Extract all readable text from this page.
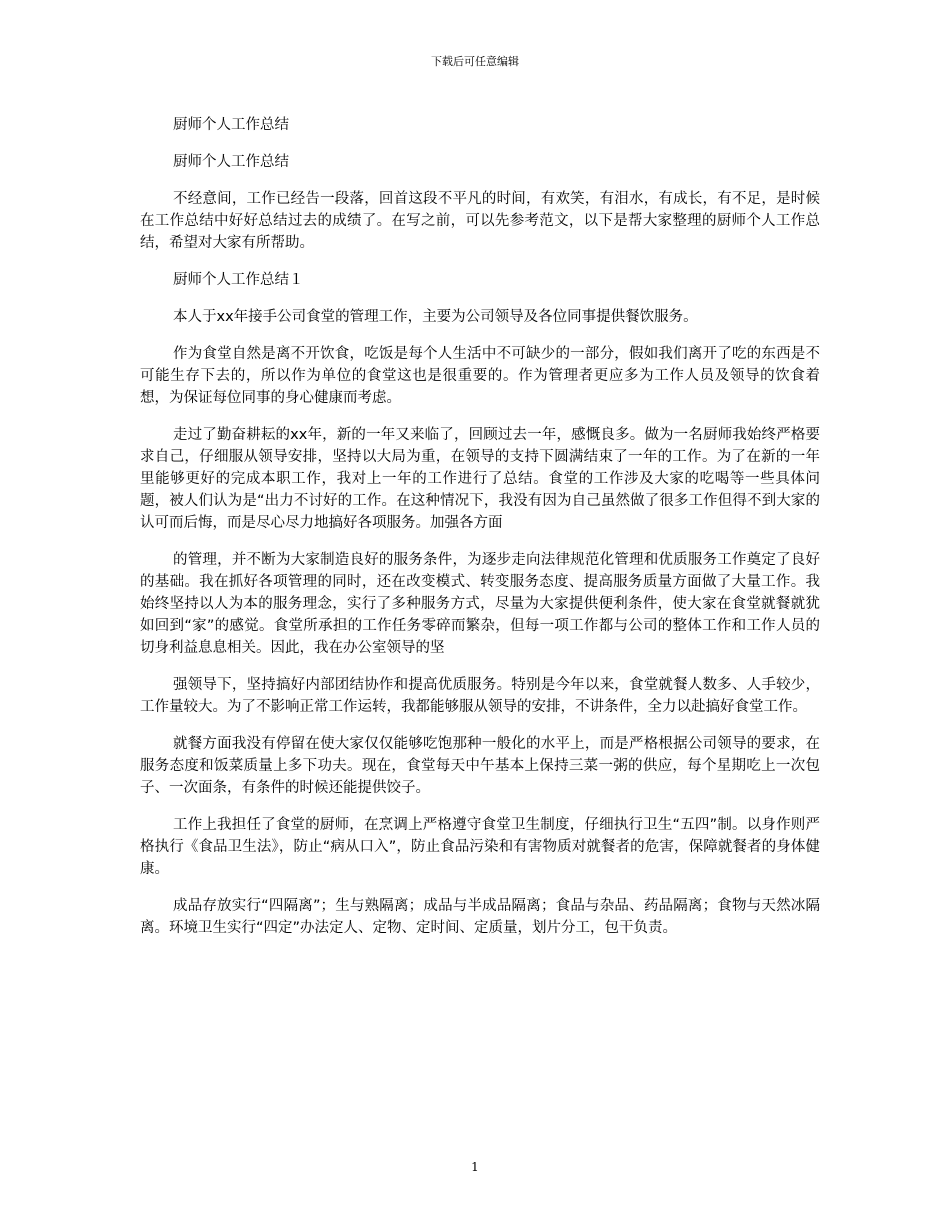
下载后可任意编辑

厨师个人工作总结

厨师个人工作总结

不经意间，工作已经告一段落，回首这段不平凡的时间，有欢笑，有泪水，有成长，有不足，是时候在工作总结中好好总结过去的成绩了。在写之前，可以先参考范文，以下是帮大家整理的厨师个人工作总结，希望对大家有所帮助。

厨师个人工作总结１

本人于xx年接手公司食堂的管理工作，主要为公司领导及各位同事提供餐饮服务。

作为食堂自然是离不开饮食，吃饭是每个人生活中不可缺少的一部分，假如我们离开了吃的东西是不可能生存下去的，所以作为单位的食堂这也是很重要的。作为管理者更应多为工作人员及领导的饮食着想，为保证每位同事的身心健康而考虑。

走过了勤奋耕耘的xx年，新的一年又来临了，回顾过去一年，感慨良多。做为一名厨师我始终严格要求自己，仔细服从领导安排，坚持以大局为重，在领导的支持下圆满结束了一年的工作。为了在新的一年里能够更好的完成本职工作，我对上一年的工作进行了总结。食堂的工作涉及大家的吃喝等一些具体问题，被人们认为是“出力不讨好的工作。在这种情况下，我没有因为自己虽然做了很多工作但得不到大家的认可而后悔，而是尽心尽力地搞好各项服务。加强各方面

的管理，并不断为大家制造良好的服务条件，为逐步走向法律规范化管理和优质服务工作奠定了良好的基础。我在抓好各项管理的同时，还在改变模式、转变服务态度、提高服务质量方面做了大量工作。我始终坚持以人为本的服务理念，实行了多种服务方式，尽量为大家提供便利条件，使大家在食堂就餐就犹如回到“家”的感觉。食堂所承担的工作任务零碎而繁杂，但每一项工作都与公司的整体工作和工作人员的切身利益息息相关。因此，我在办公室领导的坚

强领导下，坚持搞好内部团结协作和提高优质服务。特别是今年以来，食堂就餐人数多、人手较少，工作量较大。为了不影响正常工作运转，我都能够服从领导的安排，不讲条件，全力以赴搞好食堂工作。

就餐方面我没有停留在使大家仅仅能够吃饱那种一般化的水平上，而是严格根据公司领导的要求，在服务态度和饭菜质量上多下功夫。现在，食堂每天中午基本上保持三菜一粥的供应，每个星期吃上一次包子、一次面条，有条件的时候还能提供饺子。

工作上我担任了食堂的厨师，在烹调上严格遵守食堂卫生制度，仔细执行卫生“五四”制。以身作则严格执行《食品卫生法》，防止“病从口入”，防止食品污染和有害物质对就餐者的危害，保障就餐者的身体健康。

成品存放实行“四隔离”；生与熟隔离；成品与半成品隔离；食品与杂品、药品隔离；食物与天然冰隔离。环境卫生实行“四定”办法定人、定物、定时间、定质量，划片分工，包干负责。

1
